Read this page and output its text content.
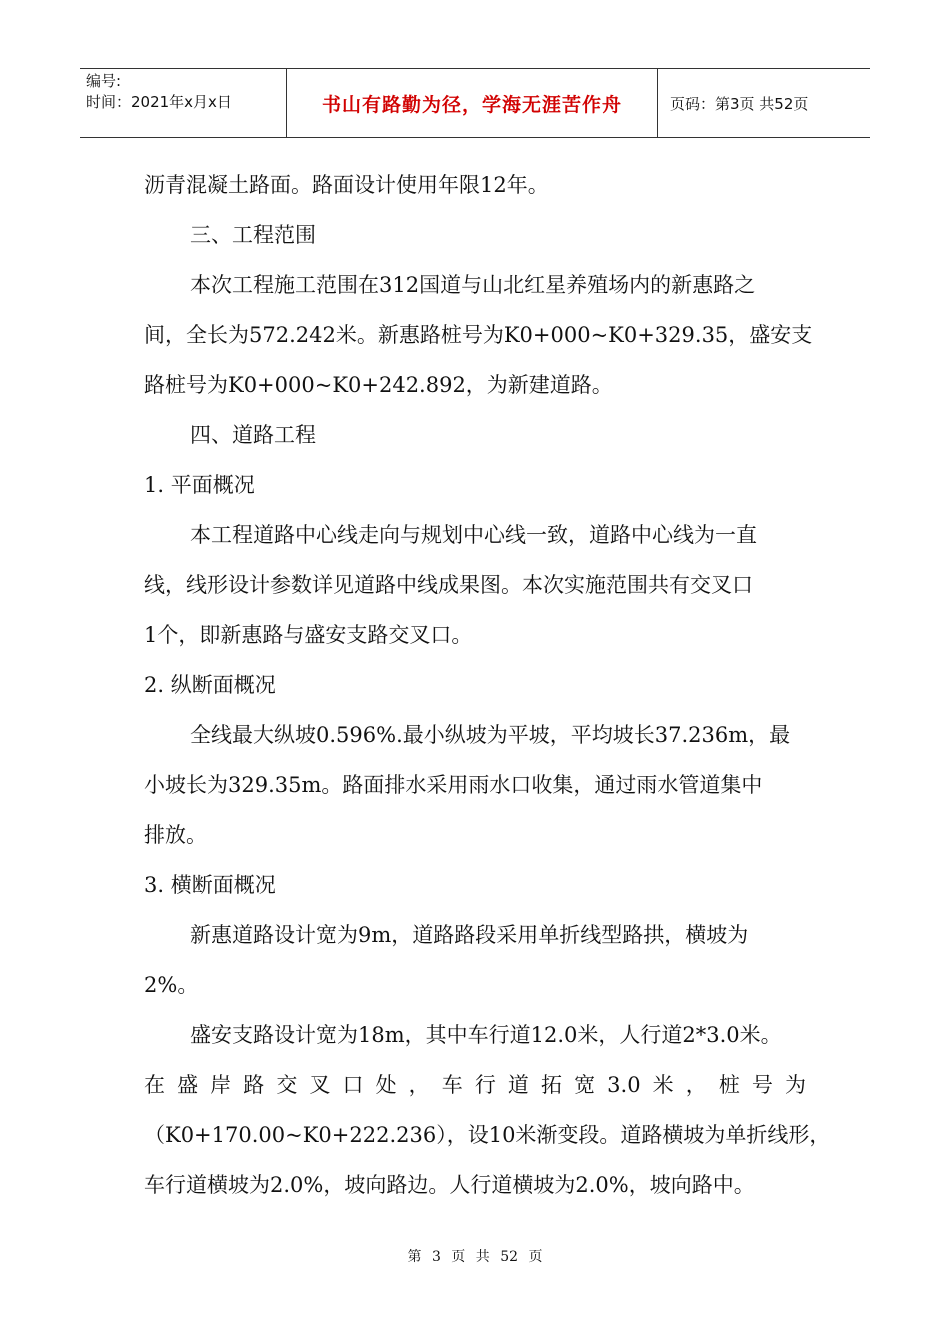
编号:
时间：2021年x月x日	书山有路勤为径，学海无涯苦作舟	页码：第3页 共52页
沥青混凝土路面。路面设计使用年限12年。
三、工程范围
本次工程施工范围在312国道与山北红星养殖场内的新惠路之
间，全长为572.242米。新惠路桩号为K0+000~K0+329.35，盛安支
路桩号为K0+000~K0+242.892，为新建道路。
四、道路工程
1. 平面概况
本工程道路中心线走向与规划中心线一致，道路中心线为一直
线，线形设计参数详见道路中线成果图。本次实施范围共有交叉口
1个，即新惠路与盛安支路交叉口。
2. 纵断面概况
全线最大纵坡0.596%.最小纵坡为平坡，平均坡长37.236m，最
小坡长为329.35m。路面排水采用雨水口收集，通过雨水管道集中
排放。
3. 横断面概况
新惠道路设计宽为9m，道路路段采用单折线型路拱，横坡为
2%。
盛安支路设计宽为18m，其中车行道12.0米，人行道2*3.0米。
在盛岸路交叉口处，车行道拓宽3.0米，桩号为
（K0+170.00~K0+222.236），设10米渐变段。道路横坡为单折线形，
车行道横坡为2.0%，坡向路边。人行道横坡为2.0%，坡向路中。
第 3 页 共 52 页
